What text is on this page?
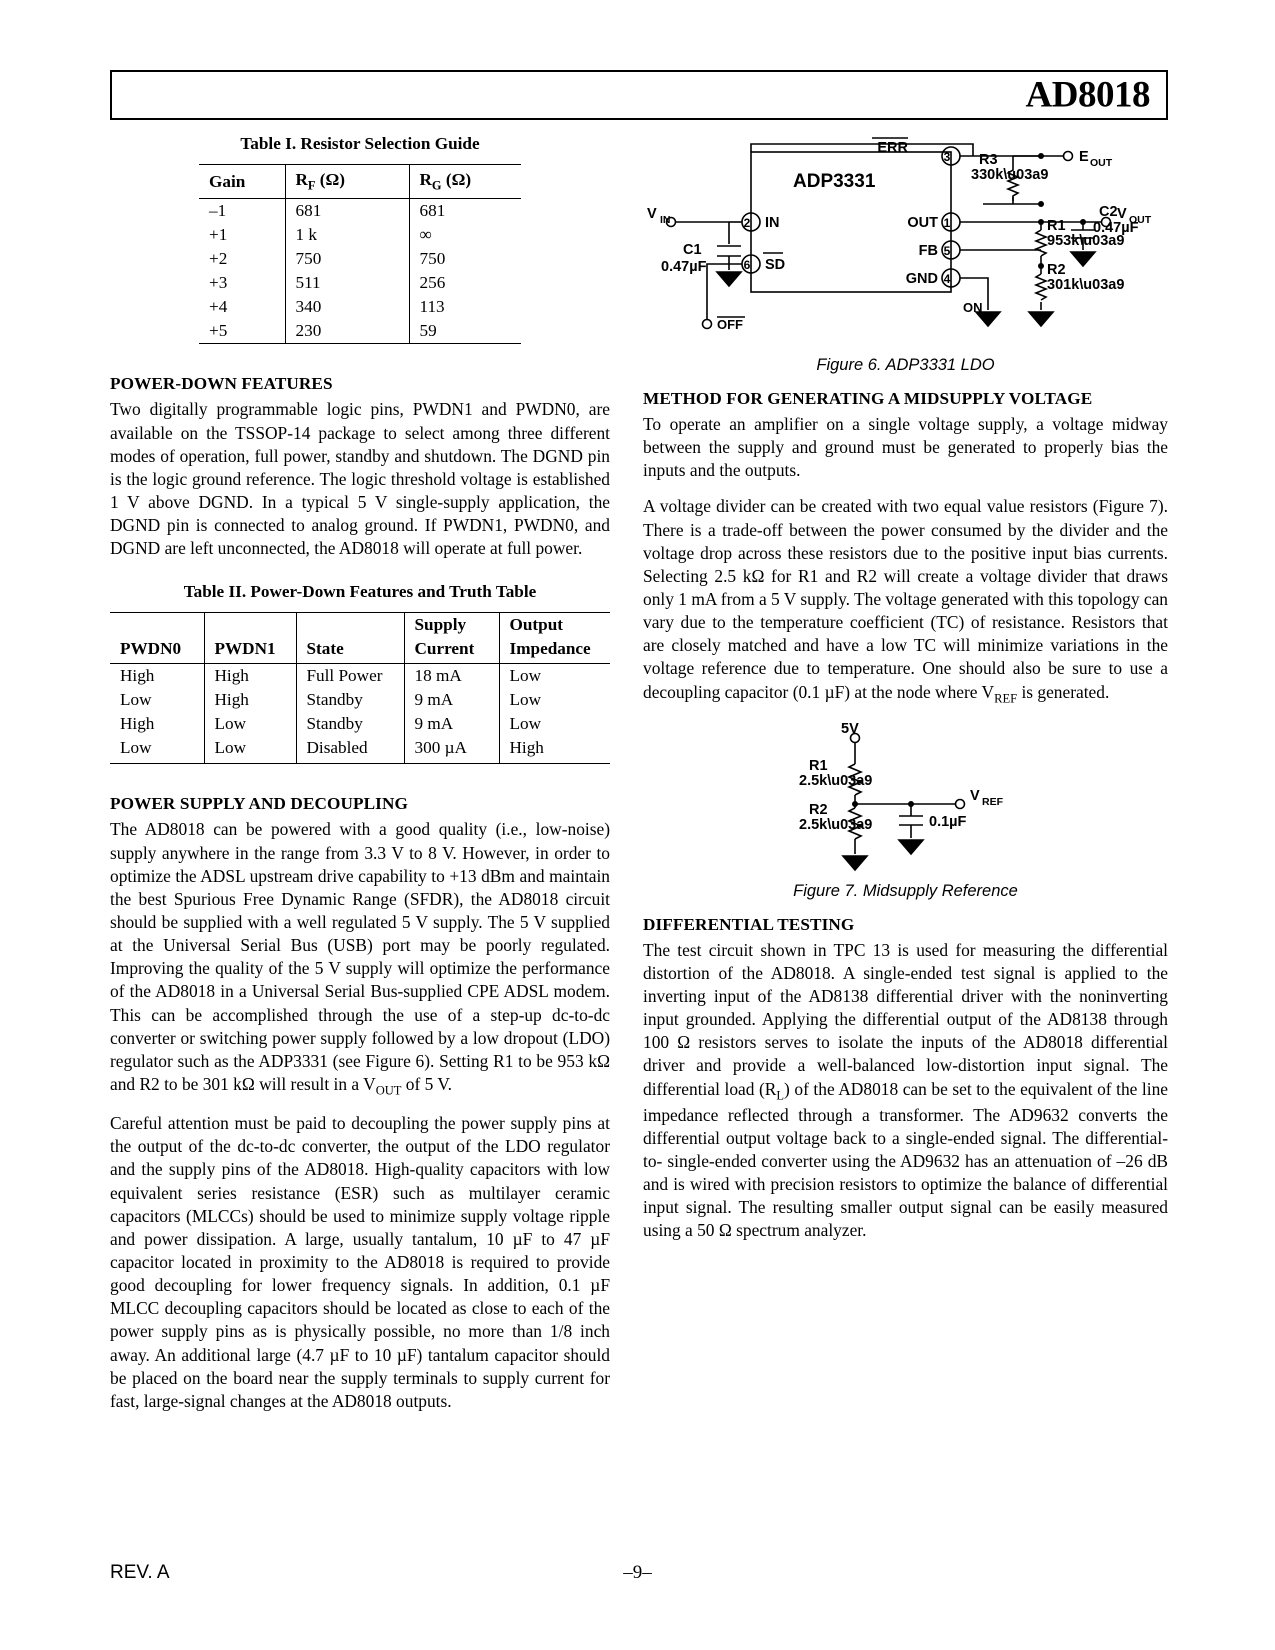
AD8018
Table I. Resistor Selection Guide
Gain	$R_F$ (Ω)	$R_G$ (Ω)
–1	681	681
+1	1 k	∞
+2	750	750
+3	511	256
+4	340	113
+5	230	59
POWER-DOWN FEATURES

Two digitally programmable logic pins, PWDN1 and PWDN0, are available on the TSSOP-14 package to select among three different modes of operation, full power, standby and shutdown. The DGND pin is the logic ground reference. The logic threshold voltage is established 1 V above DGND. In a typical 5 V single-supply application, the DGND pin is connected to analog ground. If PWDN1, PWDN0, and DGND are left unconnected, the AD8018 will operate at full power.

Table II. Power-Down Features and Truth Table

			Supply	Output
PWDN0	PWDN1	State	Current	Impedance
High	High	Full Power	18 mA	Low
Low	High	Standby	9 mA	Low
High	Low	Standby	9 mA	Low
Low	Low	Disabled	300 µA	High
POWER SUPPLY AND DECOUPLING

The AD8018 can be powered with a good quality (i.e., low-noise) supply anywhere in the range from 3.3 V to 8 V. However, in order to optimize the ADSL upstream drive capability to +13 dBm and maintain the best Spurious Free Dynamic Range (SFDR), the AD8018 circuit should be supplied with a well regulated 5 V supply. The 5 V supplied at the Universal Serial Bus (USB) port may be poorly regulated. Improving the quality of the 5 V supply will optimize the performance of the AD8018 in a Universal Serial Bus-supplied CPE ADSL modem. This can be accomplished through the use of a step-up dc-to-dc converter or switching power supply followed by a low dropout (LDO) regulator such as the ADP3331 (see Figure 6). Setting R1 to be 953 kΩ and R2 to be 301 kΩ will result in a $V_{OUT}$ of 5 V.

Careful attention must be paid to decoupling the power supply pins at the output of the dc-to-dc converter, the output of the LDO regulator and the supply pins of the AD8018. High-quality capacitors with low equivalent series resistance (ESR) such as multilayer ceramic capacitors (MLCCs) should be used to minimize supply voltage ripple and power dissipation. A large, usually tantalum, 10 µF to 47 µF capacitor located in proximity to the AD8018 is required to provide good decoupling for lower frequency signals. In addition, 0.1 µF MLCC decoupling capacitors should be located as close to each of the power supply pins as is physically possible, no more than 1/8 inch away. An additional large (4.7 µF to 10 µF) tantalum capacitor should be placed on the board near the supply terminals to supply current for fast, large-signal changes at the AD8018 outputs.

ADP3331
V IN
C1
0.47µF
2 IN
6 SD
ERR
3
OUT 1
FB 5
GND 4
R3
330k\u03a9
R1
953k\u03a9
R2
301k\u03a9
C2
0.47µF
E OUT
V OUT
ON
OFF
Figure 6. ADP3331 LDO
METHOD FOR GENERATING A MIDSUPPLY VOLTAGE

To operate an amplifier on a single voltage supply, a voltage midway between the supply and ground must be generated to properly bias the inputs and the outputs.

A voltage divider can be created with two equal value resistors (Figure 7). There is a trade-off between the power consumed by the divider and the voltage drop across these resistors due to the positive input bias currents. Selecting 2.5 kΩ for R1 and R2 will create a voltage divider that draws only 1 mA from a 5 V supply. The voltage generated with this topology can vary due to the temperature coefficient (TC) of resistance. Resistors that are closely matched and have a low TC will minimize variations in the voltage reference due to temperature. One should also be sure to use a decoupling capacitor (0.1 µF) at the node where $V_{REF}$ is generated.

5V
R1
2.5k\u03a9
R2
2.5k\u03a9	0.1µF
V REF
Figure 7. Midsupply Reference
DIFFERENTIAL TESTING

The test circuit shown in TPC 13 is used for measuring the differential distortion of the AD8018. A single-ended test signal is applied to the inverting input of the AD8138 differential driver with the noninverting input grounded. Applying the differential output of the AD8138 through 100 Ω resistors serves to isolate the inputs of the AD8018 differential driver and provide a well-balanced low-distortion input signal. The differential load $(R_L)$ of the AD8018 can be set to the equivalent of the line impedance reflected through a transformer. The AD9632 converts the differential output voltage back to a single-ended signal. The differential-to- single-ended converter using the AD9632 has an attenuation of –26 dB and is wired with precision resistors to optimize the balance of differential input signal. The resulting smaller output signal can be easily measured using a 50 Ω spectrum analyzer.

REV. A	–9–
